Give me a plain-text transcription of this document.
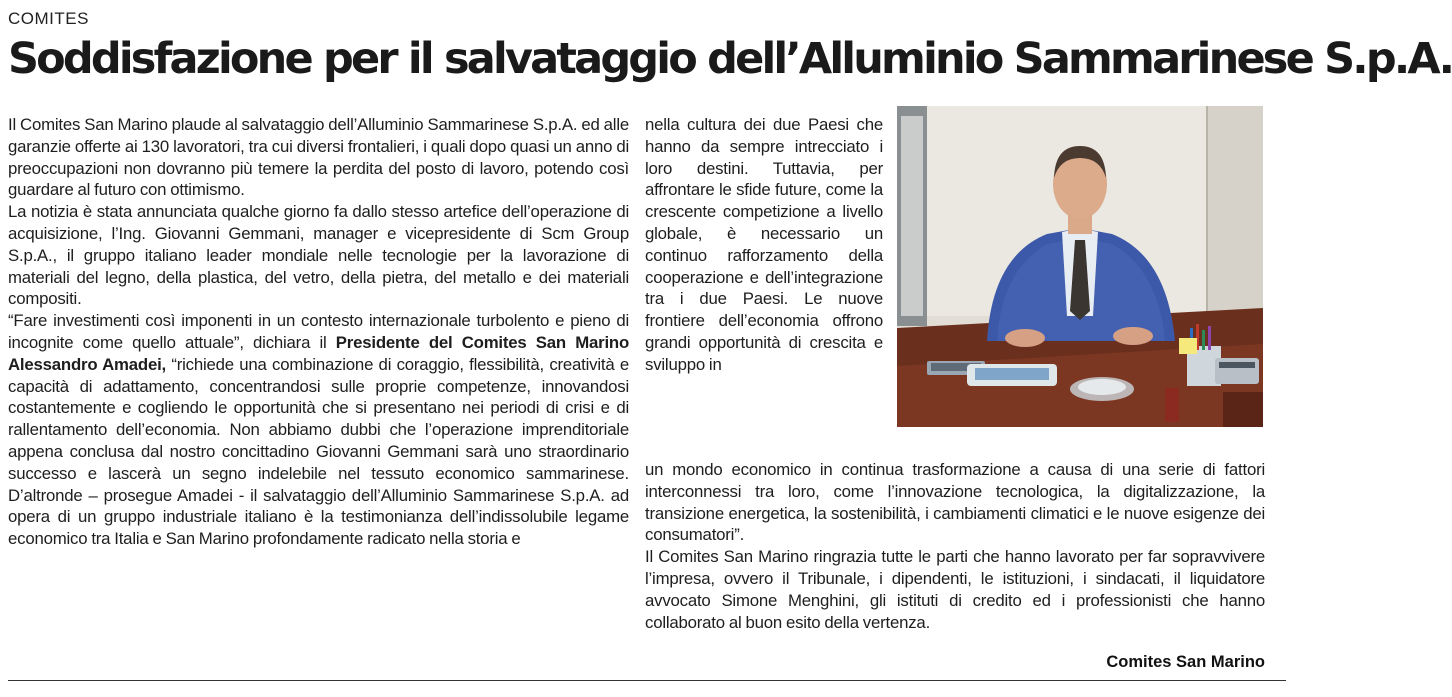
COMITES
Soddisfazione per il salvataggio dell’Alluminio Sammarinese S.p.A.

Il Comites San Marino plaude al salvataggio dell’Alluminio Sammarinese S.p.A. ed alle garanzie offerte ai 130 lavoratori, tra cui diversi frontalieri, i quali dopo quasi un anno di preoccupazioni non dovranno più temere la perdita del posto di lavoro, potendo così guardare al futuro con ottimismo.

La notizia è stata annunciata qualche giorno fa dallo stesso artefice dell’operazione di acquisizione, l’Ing. Giovanni Gemmani, manager e vicepresidente di Scm Group S.p.A., il gruppo italiano leader mondiale nelle tecnologie per la lavorazione di materiali del legno, della plastica, del vetro, della pietra, del metallo e dei materiali compositi.

“Fare investimenti così imponenti in un contesto internazionale turbolento e pieno di incognite come quello attuale”, dichiara il Presidente del Comites San Marino Alessandro Amadei, “richiede una combinazione di coraggio, flessibilità, creatività e capacità di adattamento, concentrandosi sulle proprie competenze, innovandosi costantemente e cogliendo le opportunità che si presentano nei periodi di crisi e di rallentamento dell’economia. Non abbiamo dubbi che l’operazione imprenditoriale appena conclusa dal nostro concittadino Giovanni Gemmani sarà uno straordinario successo e lascerà un segno indelebile nel tessuto economico sammarinese. D’altronde – prosegue Amadei - il salvataggio dell’Alluminio Sammarinese S.p.A. ad opera di un gruppo industriale italiano è la testimonianza dell’indissolubile legame economico tra Italia e San Marino profondamente radicato nella storia e

nella cultura dei due Paesi che hanno da sempre intrecciato i loro destini. Tuttavia, per affrontare le sfide future, come la crescente competizione a livello globale, è necessario un continuo rafforzamento della cooperazione e dell’integrazione tra i due Paesi. Le nuove frontiere dell’economia offrono grandi opportunità di crescita e sviluppo in

un mondo economico in continua trasformazione a causa di una serie di fattori interconnessi tra loro, come l’innovazione tecnologica, la digitalizzazione, la transizione energetica, la sostenibilità, i cambiamenti climatici e le nuove esigenze dei consumatori”.

Il Comites San Marino ringrazia tutte le parti che hanno lavorato per far sopravvivere l’impresa, ovvero il Tribunale, i dipendenti, le istituzioni, i sindacati, il liquidatore avvocato Simone Menghini, gli istituti di credito ed i professionisti che hanno collaborato al buon esito della vertenza.

Comites San Marino
